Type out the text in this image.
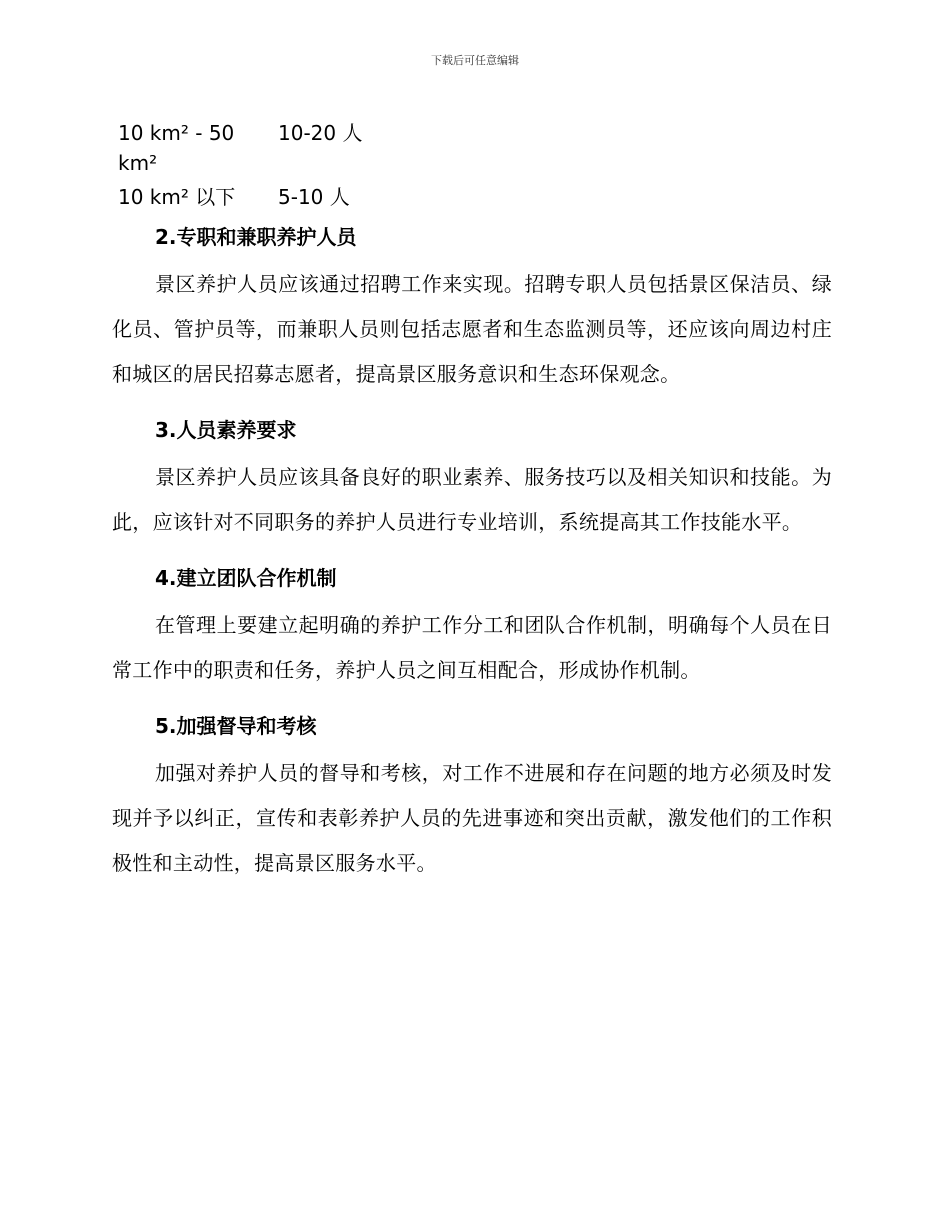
下载后可任意编辑
10 km² - 50 km²	10-20 人
10 km² 以下	5-10 人
2.专职和兼职养护人员

景区养护人员应该通过招聘工作来实现。招聘专职人员包括景区保洁员、绿化员、管护员等，而兼职人员则包括志愿者和生态监测员等，还应该向周边村庄和城区的居民招募志愿者，提高景区服务意识和生态环保观念。

3.人员素养要求

景区养护人员应该具备良好的职业素养、服务技巧以及相关知识和技能。为此，应该针对不同职务的养护人员进行专业培训，系统提高其工作技能水平。

4.建立团队合作机制

在管理上要建立起明确的养护工作分工和团队合作机制，明确每个人员在日常工作中的职责和任务，养护人员之间互相配合，形成协作机制。

5.加强督导和考核

加强对养护人员的督导和考核，对工作不进展和存在问题的地方必须及时发现并予以纠正，宣传和表彰养护人员的先进事迹和突出贡献，激发他们的工作积极性和主动性，提高景区服务水平。
